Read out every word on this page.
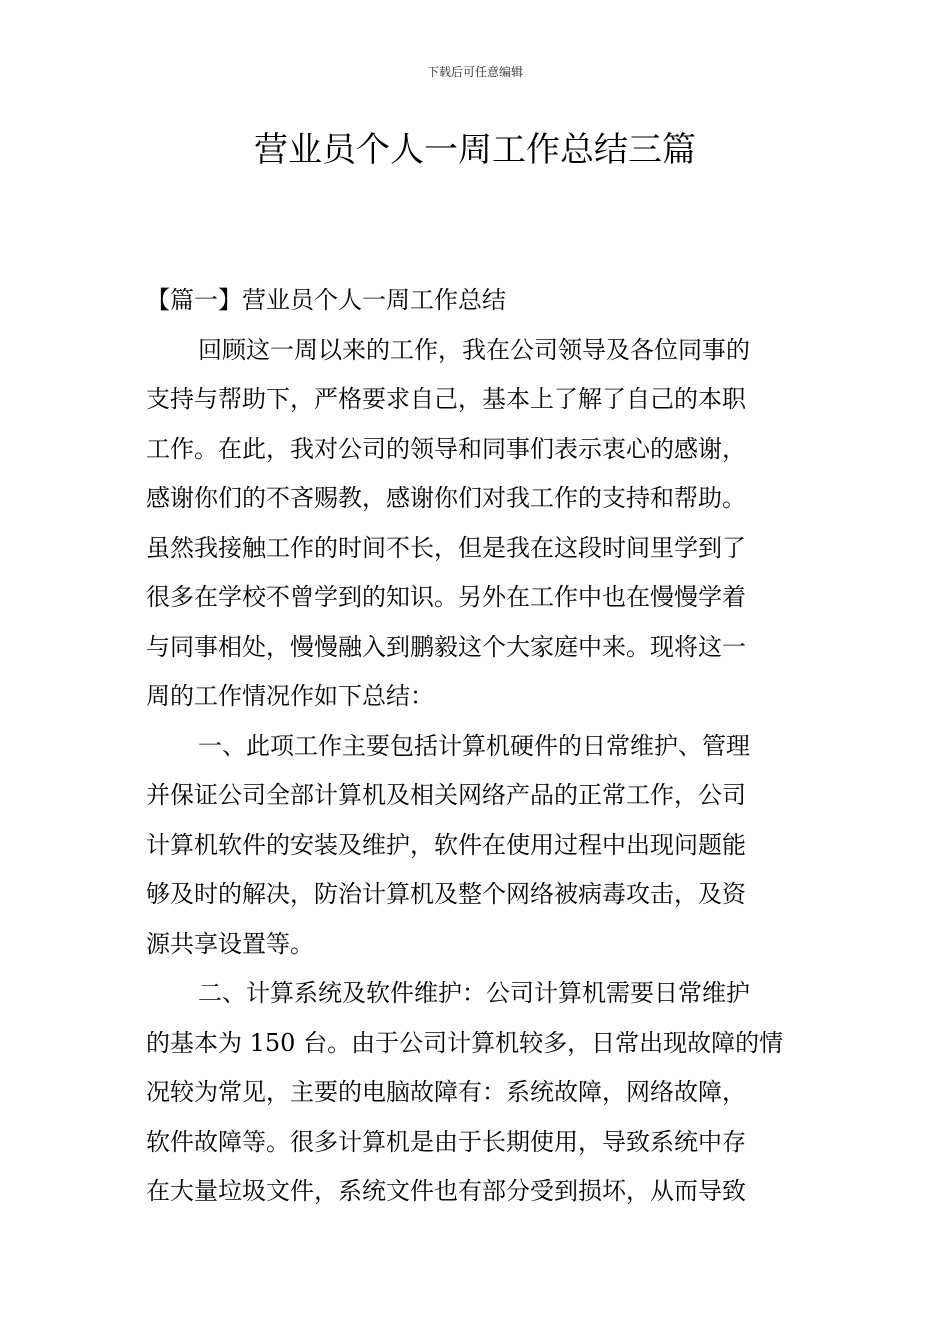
下载后可任意编辑
营业员个人一周工作总结三篇
【篇一】营业员个人一周工作总结

回顾这一周以来的工作，我在公司领导及各位同事的
支持与帮助下，严格要求自己，基本上了解了自己的本职
工作。在此，我对公司的领导和同事们表示衷心的感谢，
感谢你们的不吝赐教，感谢你们对我工作的支持和帮助。
虽然我接触工作的时间不长，但是我在这段时间里学到了
很多在学校不曾学到的知识。另外在工作中也在慢慢学着
与同事相处，慢慢融入到鹏毅这个大家庭中来。现将这一
周的工作情况作如下总结：

一、此项工作主要包括计算机硬件的日常维护、管理
并保证公司全部计算机及相关网络产品的正常工作，公司
计算机软件的安装及维护，软件在使用过程中出现问题能
够及时的解决，防治计算机及整个网络被病毒攻击，及资
源共享设置等。

二、计算系统及软件维护：公司计算机需要日常维护
的基本为 150 台。由于公司计算机较多，日常出现故障的情
况较为常见，主要的电脑故障有：系统故障，网络故障，
软件故障等。很多计算机是由于长期使用，导致系统中存
在大量垃圾文件，系统文件也有部分受到损坏，从而导致
